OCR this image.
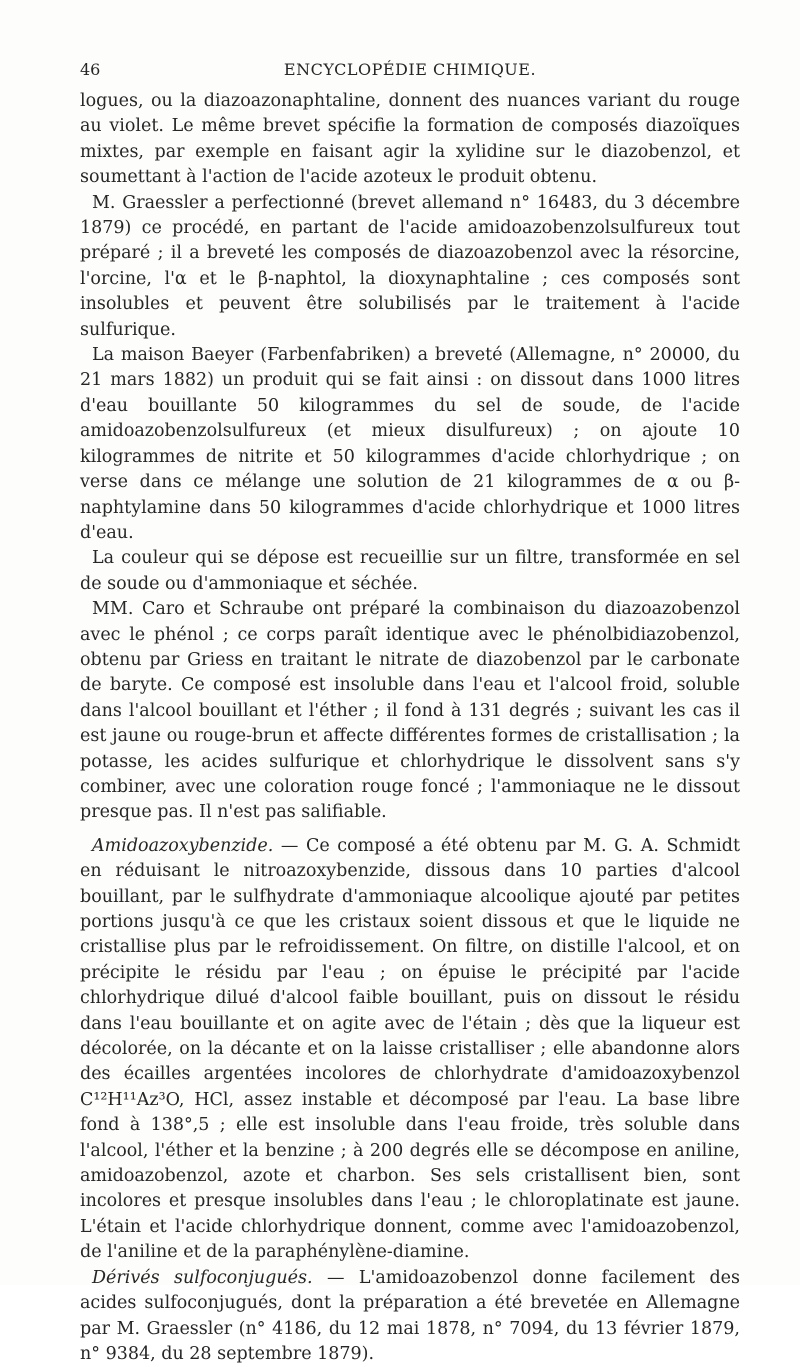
46	ENCYCLOPÉDIE CHIMIQUE.

logues, ou la diazoazonaphtaline, donnent des nuances variant du rouge au violet. Le même brevet spécifie la formation de composés diazoïques mixtes, par exemple en faisant agir la xylidine sur le diazobenzol, et soumettant à l'action de l'acide azoteux le produit obtenu.

M. Graessler a perfectionné (brevet allemand n° 16483, du 3 décembre 1879) ce procédé, en partant de l'acide amidoazobenzolsulfureux tout préparé ; il a breveté les composés de diazoazobenzol avec la résorcine, l'orcine, l'α et le β-naphtol, la dioxynaphtaline ; ces composés sont insolubles et peuvent être solubilisés par le traitement à l'acide sulfurique.

La maison Baeyer (Farbenfabriken) a breveté (Allemagne, n° 20000, du 21 mars 1882) un produit qui se fait ainsi : on dissout dans 1000 litres d'eau bouillante 50 kilogrammes du sel de soude, de l'acide amidoazobenzolsulfureux (et mieux disulfureux) ; on ajoute 10 kilogrammes de nitrite et 50 kilogrammes d'acide chlorhydrique ; on verse dans ce mélange une solution de 21 kilogrammes de α ou β-naphtylamine dans 50 kilogrammes d'acide chlorhydrique et 1000 litres d'eau.

La couleur qui se dépose est recueillie sur un filtre, transformée en sel de soude ou d'ammoniaque et séchée.

MM. Caro et Schraube ont préparé la combinaison du diazoazobenzol avec le phénol ; ce corps paraît identique avec le phénolbidiazobenzol, obtenu par Griess en traitant le nitrate de diazobenzol par le carbonate de baryte. Ce composé est insoluble dans l'eau et l'alcool froid, soluble dans l'alcool bouillant et l'éther ; il fond à 131 degrés ; suivant les cas il est jaune ou rouge-brun et affecte différentes formes de cristallisation ; la potasse, les acides sulfurique et chlorhydrique le dissolvent sans s'y combiner, avec une coloration rouge foncé ; l'ammoniaque ne le dissout presque pas. Il n'est pas salifiable.

Amidoazoxybenzide. — Ce composé a été obtenu par M. G. A. Schmidt en réduisant le nitroazoxybenzide, dissous dans 10 parties d'alcool bouillant, par le sulfhydrate d'ammoniaque alcoolique ajouté par petites portions jusqu'à ce que les cristaux soient dissous et que le liquide ne cristallise plus par le refroidissement. On filtre, on distille l'alcool, et on précipite le résidu par l'eau ; on épuise le précipité par l'acide chlorhydrique dilué d'alcool faible bouillant, puis on dissout le résidu dans l'eau bouillante et on agite avec de l'étain ; dès que la liqueur est décolorée, on la décante et on la laisse cristalliser ; elle abandonne alors des écailles argentées incolores de chlorhydrate d'amidoazoxybenzol C¹²H¹¹Az³O, HCl, assez instable et décomposé par l'eau. La base libre fond à 138°,5 ; elle est insoluble dans l'eau froide, très soluble dans l'alcool, l'éther et la benzine ; à 200 degrés elle se décompose en aniline, amidoazobenzol, azote et charbon. Ses sels cristallisent bien, sont incolores et presque insolubles dans l'eau ; le chloroplatinate est jaune. L'étain et l'acide chlorhydrique donnent, comme avec l'amidoazobenzol, de l'aniline et de la paraphénylène-diamine.

Dérivés sulfoconjugués. — L'amidoazobenzol donne facilement des acides sulfoconjugués, dont la préparation a été brevetée en Allemagne par M. Graessler (n° 4186, du 12 mai 1878, n° 7094, du 13 février 1879, n° 9384, du 28 septembre 1879).
